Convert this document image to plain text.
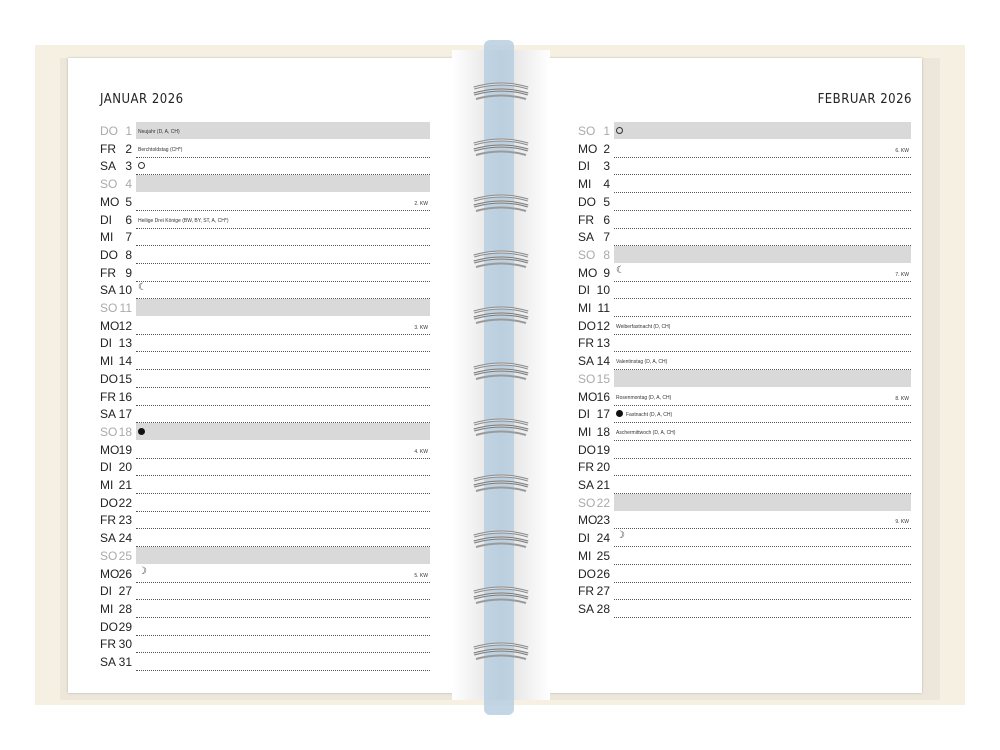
JANUAR 2026	FEBRUAR 2026
DO 1 Neujahr (D, A, CH)
FR 2 Berchtoldstag (CH*)
SA 3
SO 4
MO 5	2. KW
DI	6 Heilige Drei Könige (BW, BY, ST, A, CH*)
MI 7
DO 8
FR 9
SA 10 ☾
SO 11
MO 12	3. KW
DI 13
MI 14
DO 15
FR 16
SA 17
SO 18
MO 19	4. KW
DI 20
MI 21
DO 22
FR 23
SA 24
SO 25
MO 26 ☽	5. KW
DI 27
MI 28
DO 29
FR 30
SA 31
SO 1
MO 2	6. KW
DI	3
MI 4
DO 5
FR 6
SA 7
SO 8
MO 9 ☾	7. KW
DI 10
MI 11
DO 12 Weiberfastnacht (D, CH)
FR 13
SA 14 Valentinstag (D, A, CH)
SO 15
MO 16 Rosenmontag (D, A, CH)	8. KW
DI 17	Fastnacht (D, A, CH)
MI 18 Aschermittwoch (D, A, CH)
DO 19
FR 20
SA 21
SO 22
MO 23	9. KW
DI 24 ☽
MI 25
DO 26
FR 27
SA 28
